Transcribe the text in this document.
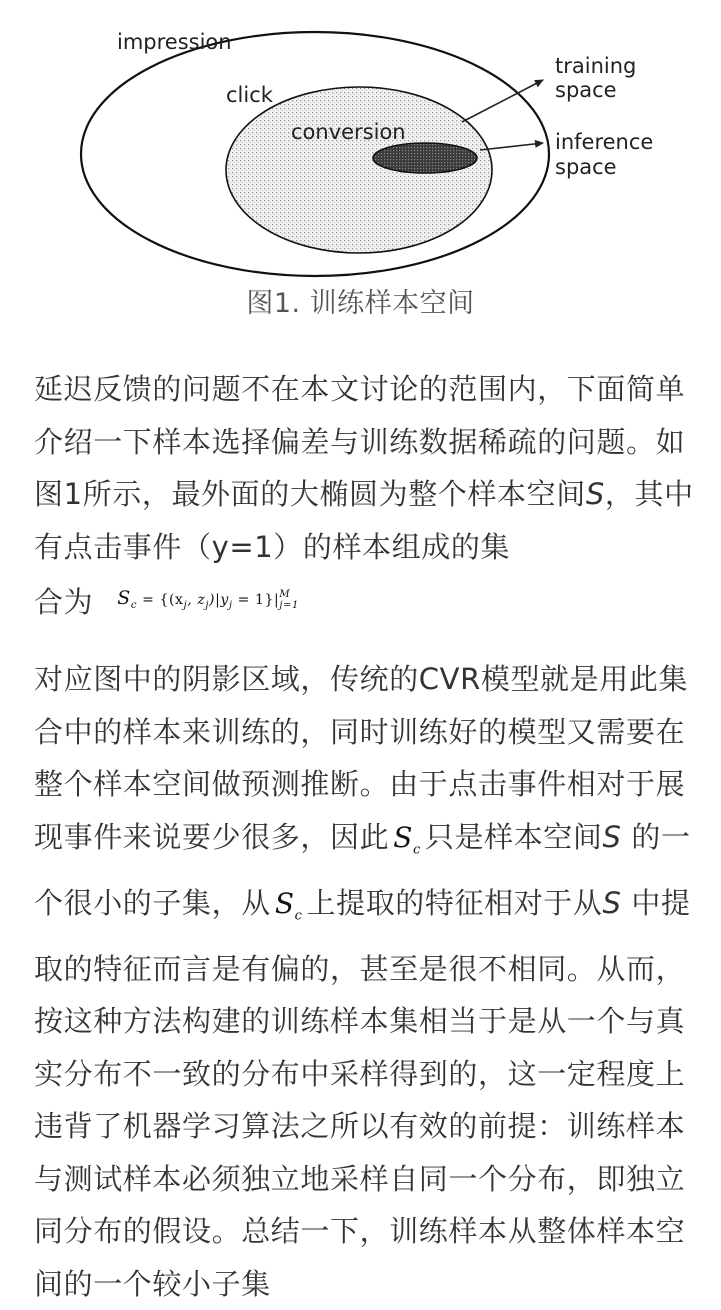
impression
click
conversion
training
space
inference
space
图1. 训练样本空间
延迟反馈的问题不在本文讨论的范围内，下面简单介绍一下样本选择偏差与训练数据稀疏的问题。如图1所示，最外面的大椭圆为整个样本空间S，其中有点击事件（y=1）的样本组成的集
合为 $S_c = \{(x_j$, $z_j)|y_j = 1\}|M$
j=1
对应图中的阴影区域，传统的CVR模型就是用此集合中的样本来训练的，同时训练好的模型又需要在整个样本空间做预测推断。由于点击事件相对于展现事件来说要少很多，因此 $S_c$ 只是样本空间S 的一个很小的子集，从 $S_c$ 上提取的特征相对于从S 中提取的特征而言是有偏的，甚至是很不相同。从而，按这种方法构建的训练样本集相当于是从一个与真实分布不一致的分布中采样得到的，这一定程度上违背了机器学习算法之所以有效的前提：训练样本与测试样本必须独立地采样自同一个分布，即独立同分布的假设。总结一下，训练样本从整体样本空间的一个较小子集
